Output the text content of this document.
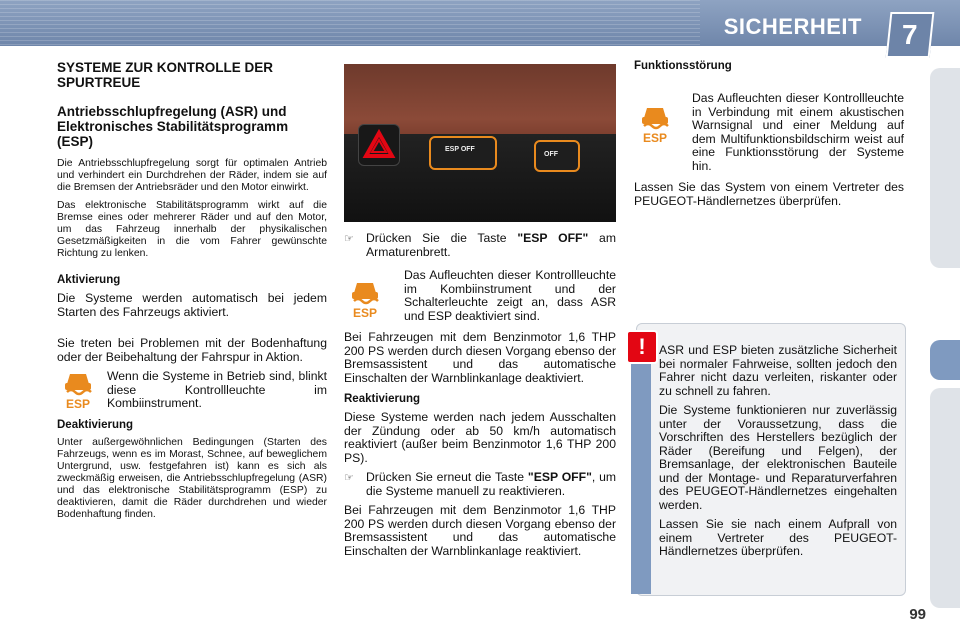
SICHERHEIT 7
SYSTEME ZUR KONTROLLE DER SPURTREUE
Antriebsschlupfregelung (ASR) und Elektronisches Stabilitätsprogramm (ESP)

Die Antriebsschlupfregelung sorgt für optimalen Antrieb und verhindert ein Durchdrehen der Räder, indem sie auf die Bremsen der Antriebsräder und den Motor einwirkt.

Das elektronische Stabilitätsprogramm wirkt auf die Bremse eines oder mehrerer Räder und auf den Motor, um das Fahrzeug innerhalb der physikalischen Gesetzmäßigkeiten in die vom Fahrer gewünschte Richtung zu lenken.

Aktivierung

Die Systeme werden automatisch bei jedem Starten des Fahrzeugs aktiviert.

Sie treten bei Problemen mit der Bodenhaftung oder der Beibehaltung der Fahrspur in Aktion.

ESP

Wenn die Systeme in Betrieb sind, blinkt diese Kontrollleuchte im Kombiinstrument.

Deaktivierung

Unter außergewöhnlichen Bedingungen (Starten des Fahrzeugs, wenn es im Morast, Schnee, auf beweglichem Untergrund, usw. festgefahren ist) kann es sich als zweckmäßig erweisen, die Antriebsschlupfregelung (ASR) und das elektronische Stabilitätsprogramm (ESP) zu deaktivieren, damit die Räder durchdrehen und wieder Bodenhaftung finden.

ESP OFF
OFF
☞ Drücken Sie die Taste "ESP OFF" am Armaturenbrett.

ESP

Das Aufleuchten dieser Kontrollleuchte im Kombiinstrument und der Schalterleuchte zeigt an, dass ASR und ESP deaktiviert sind.

Bei Fahrzeugen mit dem Benzinmotor 1,6 THP 200 PS werden durch diesen Vorgang ebenso der Bremsassistent und das automatische Einschalten der Warnblinkanlage deaktiviert.

Reaktivierung

Diese Systeme werden nach jedem Ausschalten der Zündung oder ab 50 km/h automatisch reaktiviert (außer beim Benzinmotor 1,6 THP 200 PS).

☞ Drücken Sie erneut die Taste "ESP OFF", um die Systeme manuell zu reaktivieren.

Bei Fahrzeugen mit dem Benzinmotor 1,6 THP 200 PS werden durch diesen Vorgang ebenso der Bremsassistent und das automatische Einschalten der Warnblinkanlage reaktiviert.

Funktionsstörung
ESP

Das Aufleuchten dieser Kontrollleuchte in Verbindung mit einem akustischen Warnsignal und einer Meldung auf dem Multifunktionsbildschirm weist auf eine Funktionsstörung der Systeme hin.

Lassen Sie das System von einem Vertreter des PEUGEOT-Händlernetzes überprüfen.

!	ASR und ESP bieten zusätzliche Sicherheit bei normaler Fahrweise, sollten jedoch den Fahrer nicht dazu verleiten, riskanter oder zu schnell zu fahren.

Die Systeme funktionieren nur zuverlässig unter der Voraussetzung, dass die Vorschriften des Herstellers bezüglich der Räder (Bereifung und Felgen), der Bremsanlage, der elektronischen Bauteile und der Montage- und Reparaturverfahren des PEUGEOT-Händlernetzes eingehalten werden.

Lassen Sie sie nach einem Aufprall von einem Vertreter des PEUGEOT-Händlernetzes überprüfen.

99
